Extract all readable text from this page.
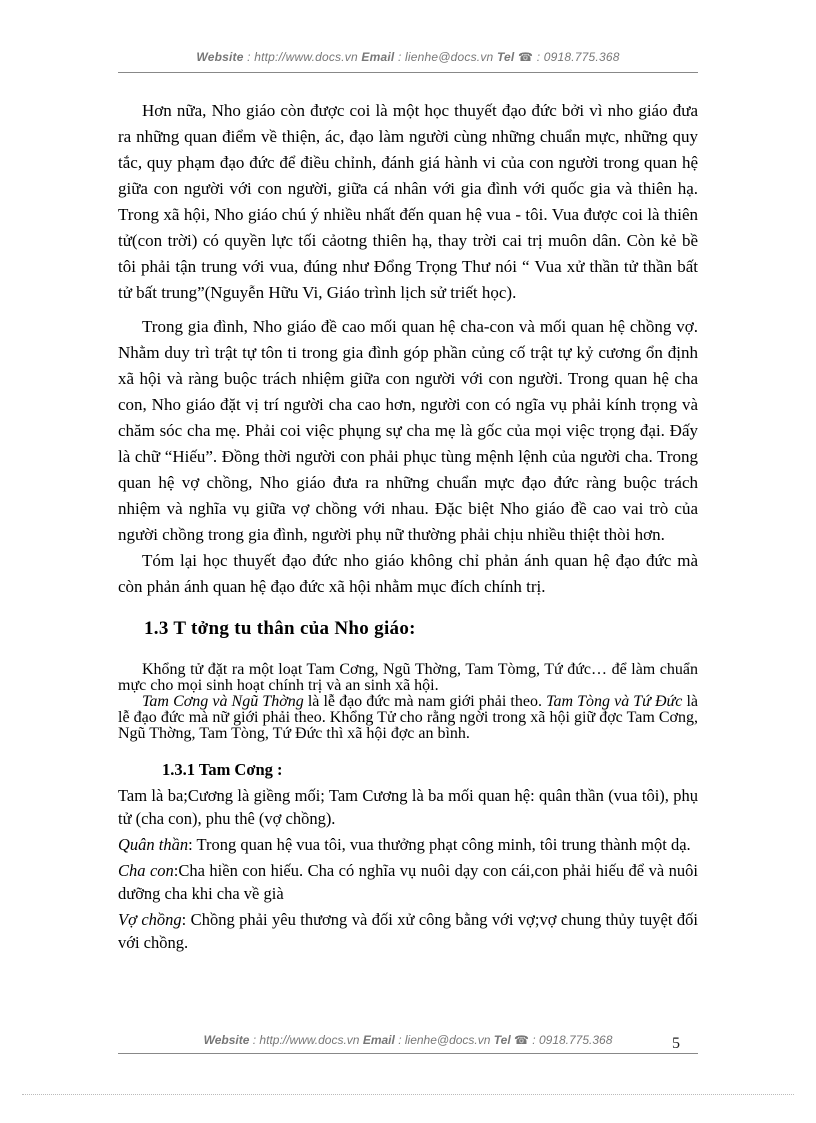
Website : http://www.docs.vn Email : lienhe@docs.vn Tel ☎ : 0918.775.368

Hơn nữa, Nho giáo còn được coi là một học thuyết đạo đức bởi vì nho giáo đưa ra những quan điểm về thiện, ác, đạo làm người cùng những chuẩn mực, những quy tắc, quy phạm đạo đức để điều chỉnh, đánh giá hành vi của con người trong quan hệ giữa con người với con người, giữa cá nhân với gia đình với quốc gia và thiên hạ. Trong xã hội, Nho giáo chú ý nhiều nhất đến quan hệ vua - tôi. Vua được coi là thiên tử(con trời) có quyền lực tối cảotng thiên hạ, thay trời cai trị muôn dân. Còn kẻ bề tôi phải tận trung với vua, đúng như Đổng Trọng Thư nói “ Vua xử thần tử thần bất tử bất trung”(Nguyễn Hữu Vi, Giáo trình lịch sử triết học).

Trong gia đình, Nho giáo đề cao mối quan hệ cha-con và mối quan hệ chồng vợ. Nhằm duy trì trật tự tôn ti trong gia đình góp phần củng cố trật tự kỷ cương ổn định xã hội và ràng buộc trách nhiệm giữa con người với con người. Trong quan hệ cha con, Nho giáo đặt vị trí người cha cao hơn, người con có ngĩa vụ phải kính trọng và chăm sóc cha mẹ. Phải coi việc phụng sự cha mẹ là gốc của mọi việc trọng đại. Đấy là chữ “Hiếu”. Đồng thời người con phải phục tùng mệnh lệnh của người cha. Trong quan hệ vợ chồng, Nho giáo đưa ra những chuẩn mực đạo đức ràng buộc trách nhiệm và nghĩa vụ giữa vợ chồng với nhau. Đặc biệt Nho giáo đề cao vai trò của người chồng trong gia đình, người phụ nữ thường phải chịu nhiều thiệt thòi hơn.

Tóm lại học thuyết đạo đức nho giáo không chỉ phản ánh quan hệ đạo đức mà còn phản ánh quan hệ đạo đức xã hội nhằm mục đích chính trị.

1.3 T tởng tu thân của Nho giáo:

Khổng tử đặt ra một loạt Tam Cơng, Ngũ Thờng, Tam Tòmg, Tứ đức… để làm chuẩn mực cho mọi sinh hoạt chính trị và an sinh xã hội.

Tam Cơng và Ngũ Thờng là lễ đạo đức mà nam giới phải theo. Tam Tòng và Tứ Đức là lễ đạo đức mà nữ giới phải theo. Khổng Tử cho rằng ngời trong xã hội giữ đợc Tam Cơng, Ngũ Thờng, Tam Tòng, Tứ Đức thì xã hội đợc an bình.

1.3.1 Tam Cơng :

Tam là ba;Cương là giềng mối; Tam Cương là ba mối quan hệ: quân thần (vua tôi), phụ tử (cha con), phu thê (vợ chồng).

Quân thần: Trong quan hệ vua tôi, vua thưởng phạt công minh, tôi trung thành một dạ.

Cha con:Cha hiền con hiếu. Cha có nghĩa vụ nuôi dạy con cái,con phải hiếu để và nuôi dưỡng cha khi cha về già

Vợ chồng: Chồng phải yêu thương và đối xử công bằng với vợ;vợ chung thủy tuyệt đối với chồng.

Website : http://www.docs.vn Email : lienhe@docs.vn Tel ☎ : 0918.775.368	5
